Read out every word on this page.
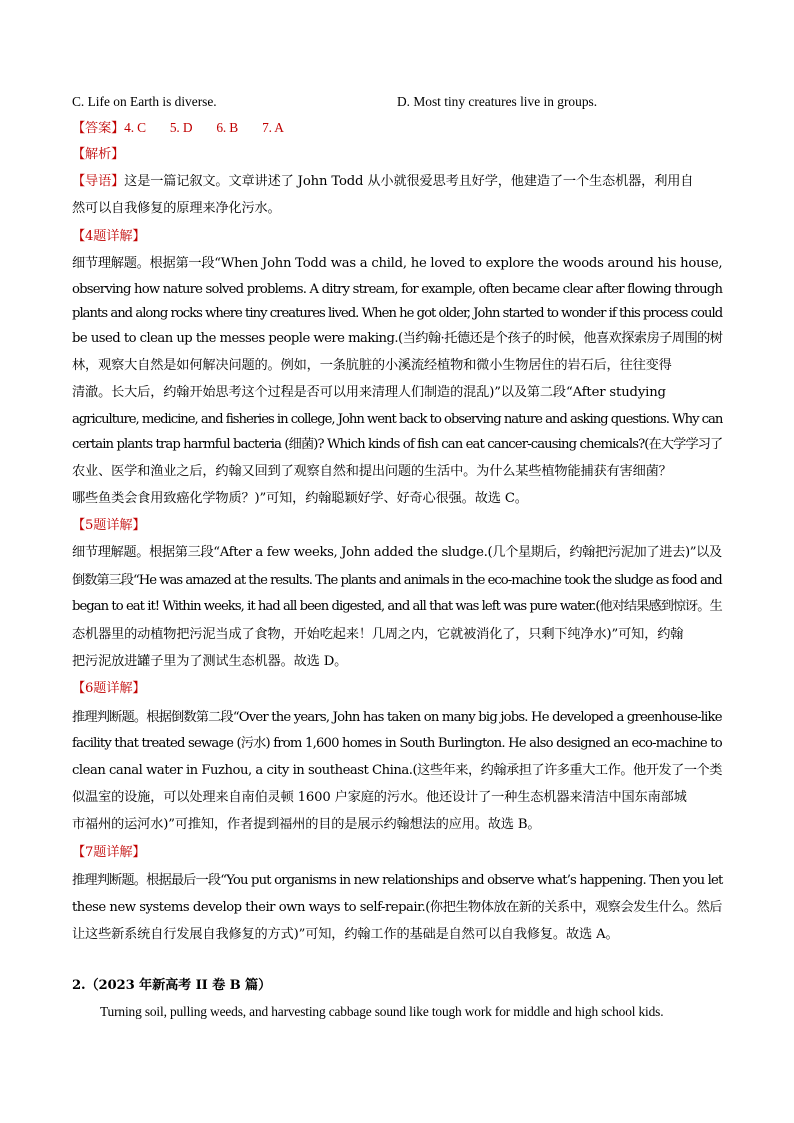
C. Life on Earth is diverse.	D. Most tiny creatures live in groups.
【答案】4. C 5. D 6. B 7. A
【解析】
【导语】这是一篇记叙文。文章讲述了 John Todd 从小就很爱思考且好学，他建造了一个生态机器，利用自
然可以自我修复的原理来净化污水。
【4题详解】
细节理解题。根据第一段“When John Todd was a child, he loved to explore the woods around his house,
observing how nature solved problems. A ditry stream, for example, often became clear after flowing through
plants and along rocks where tiny creatures lived. When he got older, John started to wonder if this process could
be used to clean up the messes people were making.(当约翰·托德还是个孩子的时候，他喜欢探索房子周围的树
林，观察大自然是如何解决问题的。例如，一条肮脏的小溪流经植物和微小生物居住的岩石后，往往变得
清澈。长大后，约翰开始思考这个过程是否可以用来清理人们制造的混乱)”以及第二段“After studying
agriculture, medicine, and fisheries in college, John went back to observing nature and asking questions. Why can
certain plants trap harmful bacteria (细菌)? Which kinds of fish can eat cancer-causing chemicals?(在大学学习了
农业、医学和渔业之后，约翰又回到了观察自然和提出问题的生活中。为什么某些植物能捕获有害细菌？
哪些鱼类会食用致癌化学物质？)”可知，约翰聪颖好学、好奇心很强。故选 C。
【5题详解】
细节理解题。根据第三段“After a few weeks, John added the sludge.(几个星期后，约翰把污泥加了进去)”以及
倒数第三段“He was amazed at the results. The plants and animals in the eco-machine took the sludge as food and
began to eat it! Within weeks, it had all been digested, and all that was left was pure water.(他对结果感到惊讶。生
态机器里的动植物把污泥当成了食物，开始吃起来！几周之内，它就被消化了，只剩下纯净水)”可知，约翰
把污泥放进罐子里为了测试生态机器。故选 D。
【6题详解】
推理判断题。根据倒数第二段“Over the years, John has taken on many big jobs. He developed a greenhouse-like
facility that treated sewage (污水) from 1,600 homes in South Burlington. He also designed an eco-machine to
clean canal water in Fuzhou, a city in southeast China.(这些年来，约翰承担了许多重大工作。他开发了一个类
似温室的设施，可以处理来自南伯灵顿 1600 户家庭的污水。他还设计了一种生态机器来清洁中国东南部城
市福州的运河水)”可推知，作者提到福州的目的是展示约翰想法的应用。故选 B。
【7题详解】
推理判断题。根据最后一段“You put organisms in new relationships and observe what’s happening. Then you let
these new systems develop their own ways to self-repair.(你把生物体放在新的关系中，观察会发生什么。然后
让这些新系统自行发展自我修复的方式)”可知，约翰工作的基础是自然可以自我修复。故选 A。
2.（2023 年新高考 II 卷 B 篇）
Turning soil, pulling weeds, and harvesting cabbage sound like tough work for middle and high school kids.
